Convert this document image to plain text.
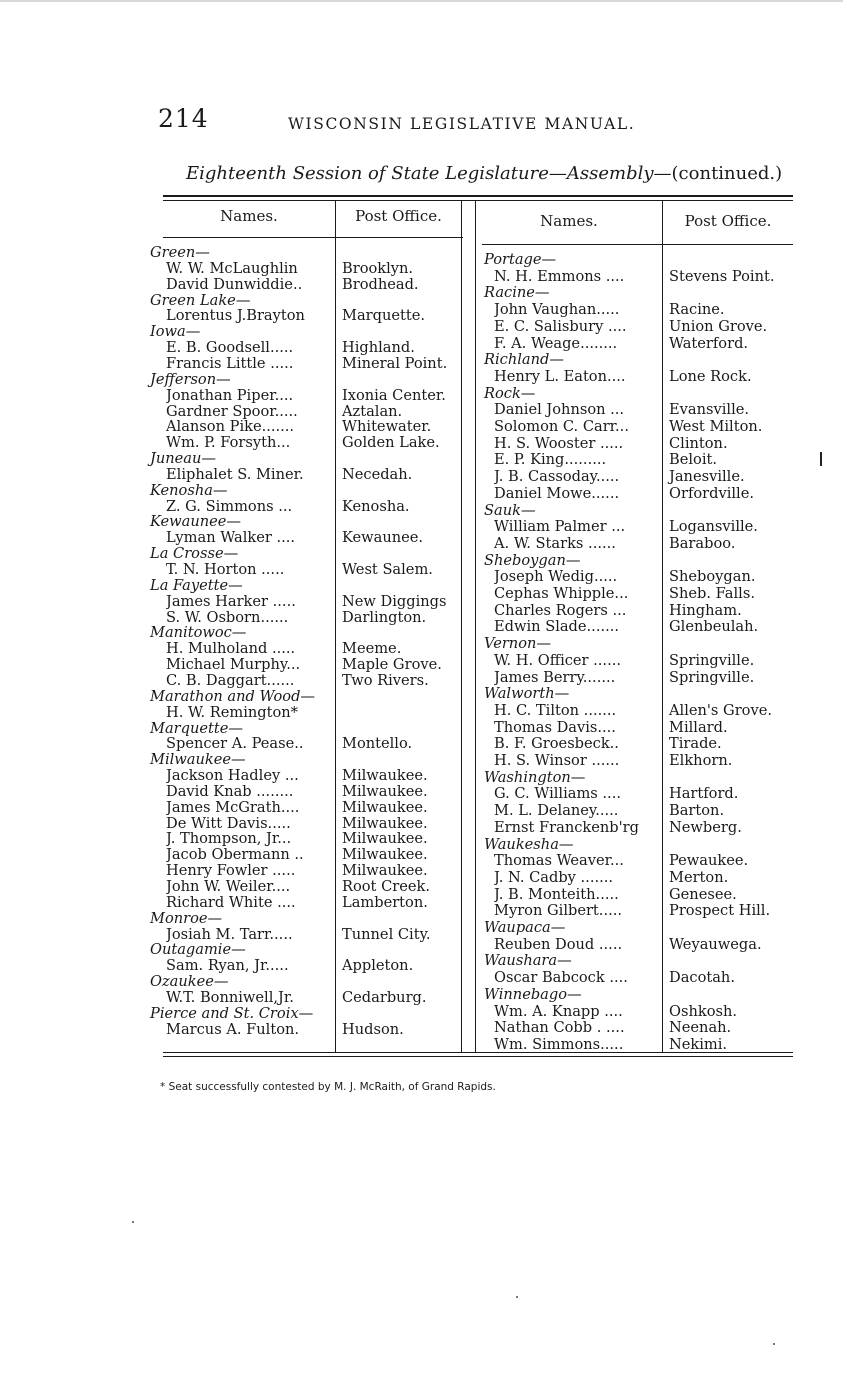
214	WISCONSIN LEGISLATIVE MANUAL.
Eighteenth Session of State Legislature—Assembly—(continued.)
Names.	Post Office.	Names.	Post Office.
Green—
W. W. McLaughlin	Brooklyn.
David Dunwiddie..	Brodhead.
Green Lake—
Lorentus J.Brayton	Marquette.
Iowa—
E. B. Goodsell.....	Highland.
Francis Little .....	Mineral Point.
Jefferson—
Jonathan Piper....	Ixonia Center.
Gardner Spoor.....	Aztalan.
Alanson Pike.......	Whitewater.
Wm. P. Forsyth...	Golden Lake.
Juneau—
Eliphalet S. Miner.	Necedah.
Kenosha—
Z. G. Simmons ...	Kenosha.
Kewaunee—
Lyman Walker ....	Kewaunee.
La Crosse—
T. N. Horton .....	West Salem.
La Fayette—
James Harker .....	New Diggings
S. W. Osborn......	Darlington.
Manitowoc—
H. Mulholand .....	Meeme.
Michael Murphy...	Maple Grove.
C. B. Daggart......	Two Rivers.
Marathon and Wood—
H. W. Remington*
Marquette—
Spencer A. Pease..	Montello.
Milwaukee—
Jackson Hadley ...	Milwaukee.
David Knab ........	Milwaukee.
James McGrath....	Milwaukee.
De Witt Davis.....	Milwaukee.
J. Thompson, Jr...	Milwaukee.
Jacob Obermann ..	Milwaukee.
Henry Fowler .....	Milwaukee.
John W. Weiler....	Root Creek.
Richard White ....	Lamberton.
Monroe—
Josiah M. Tarr.....	Tunnel City.
Outagamie—
Sam. Ryan, Jr.....	Appleton.
Ozaukee—
W.T. Bonniwell,Jr.	Cedarburg.
Pierce and St. Croix—
Marcus A. Fulton.	Hudson.
Portage—
N. H. Emmons ....	Stevens Point.
Racine—
John Vaughan.....	Racine.
E. C. Salisbury ....	Union Grove.
F. A. Weage........	Waterford.
Richland—
Henry L. Eaton....	Lone Rock.
Rock—
Daniel Johnson ...	Evansville.
Solomon C. Carr...	West Milton.
H. S. Wooster .....	Clinton.
E. P. King.........	Beloit.
J. B. Cassoday.....	Janesville.
Daniel Mowe......	Orfordville.
Sauk—
William Palmer ...	Logansville.
A. W. Starks ......	Baraboo.
Sheboygan—
Joseph Wedig.....	Sheboygan.
Cephas Whipple...	Sheb. Falls.
Charles Rogers ...	Hingham.
Edwin Slade.......	Glenbeulah.
Vernon—
W. H. Officer ......	Springville.
James Berry.......	Springville.
Walworth—
H. C. Tilton .......	Allen's Grove.
Thomas Davis....	Millard.
B. F. Groesbeck..	Tirade.
H. S. Winsor ......	Elkhorn.
Washington—
G. C. Williams ....	Hartford.
M. L. Delaney.....	Barton.
Ernst Franckenb'rg	Newberg.
Waukesha—
Thomas Weaver...	Pewaukee.
J. N. Cadby .......	Merton.
J. B. Monteith.....	Genesee.
Myron Gilbert.....	Prospect Hill.
Waupaca—
Reuben Doud .....	Weyauwega.
Waushara—
Oscar Babcock ....	Dacotah.
Winnebago—
Wm. A. Knapp ....	Oshkosh.
Nathan Cobb . ....	Neenah.
Wm. Simmons.....	Nekimi.
* Seat successfully contested by M. J. McRaith, of Grand Rapids.
